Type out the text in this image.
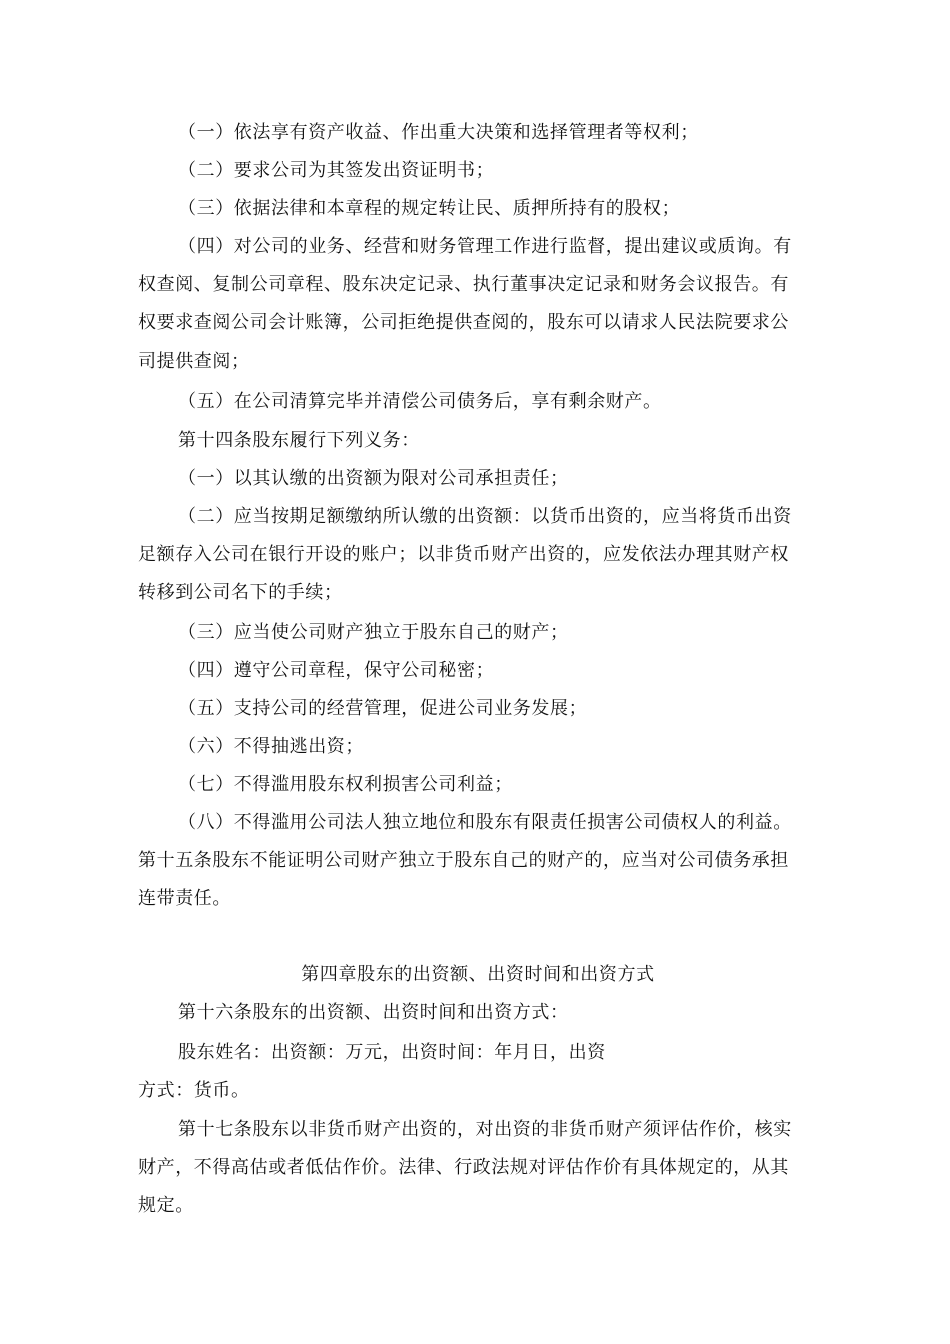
（一）依法享有资产收益、作出重大决策和选择管理者等权利；
（二）要求公司为其签发出资证明书；
（三）依据法律和本章程的规定转让民、质押所持有的股权；
（四）对公司的业务、经营和财务管理工作进行监督，提出建议或质询。有
权查阅、复制公司章程、股东决定记录、执行董事决定记录和财务会议报告。有
权要求查阅公司会计账簿，公司拒绝提供查阅的，股东可以请求人民法院要求公
司提供查阅；
（五）在公司清算完毕并清偿公司债务后，享有剩余财产。
第十四条股东履行下列义务：
（一）以其认缴的出资额为限对公司承担责任；
（二）应当按期足额缴纳所认缴的出资额：以货币出资的，应当将货币出资
足额存入公司在银行开设的账户；以非货币财产出资的，应发依法办理其财产权
转移到公司名下的手续；
（三）应当使公司财产独立于股东自己的财产；
（四）遵守公司章程，保守公司秘密；
（五）支持公司的经营管理，促进公司业务发展；
（六）不得抽逃出资；
（七）不得滥用股东权利损害公司利益；
（八）不得滥用公司法人独立地位和股东有限责任损害公司债权人的利益。
第十五条股东不能证明公司财产独立于股东自己的财产的，应当对公司债务承担
连带责任。
第四章股东的出资额、出资时间和出资方式
第十六条股东的出资额、出资时间和出资方式：
股东姓名：出资额：万元，出资时间：年月日，出资
方式：货币。
第十七条股东以非货币财产出资的，对出资的非货币财产须评估作价，核实
财产，不得高估或者低估作价。法律、行政法规对评估作价有具体规定的，从其
规定。
